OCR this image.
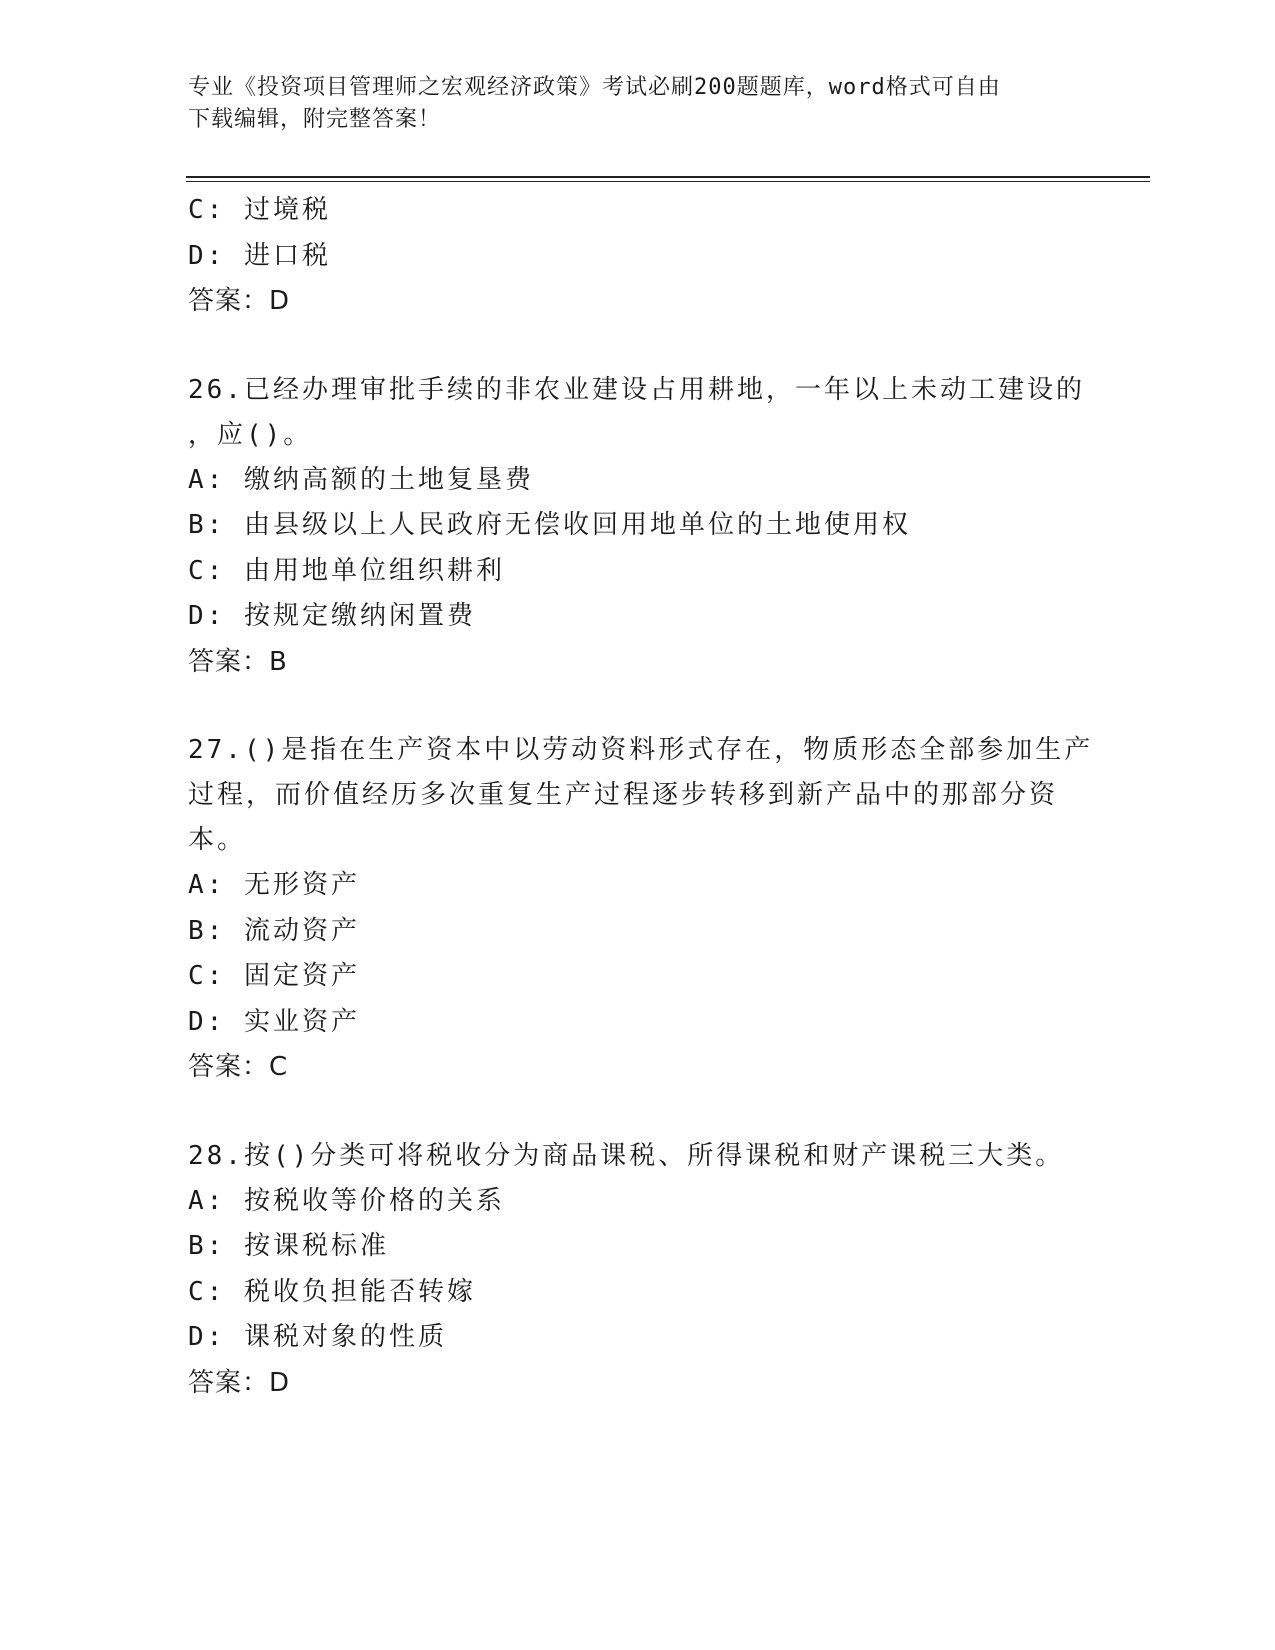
专业《投资项目管理师之宏观经济政策》考试必刷200题题库，word格式可自由
下载编辑，附完整答案！
C: 过境税
D: 进口税
答案：D
26.已经办理审批手续的非农业建设占用耕地，一年以上未动工建设的
，应()。
A: 缴纳高额的土地复垦费
B: 由县级以上人民政府无偿收回用地单位的土地使用权
C: 由用地单位组织耕利
D: 按规定缴纳闲置费
答案：B
27.()是指在生产资本中以劳动资料形式存在，物质形态全部参加生产
过程，而价值经历多次重复生产过程逐步转移到新产品中的那部分资
本。
A: 无形资产
B: 流动资产
C: 固定资产
D: 实业资产
答案：C
28.按()分类可将税收分为商品课税、所得课税和财产课税三大类。
A: 按税收等价格的关系
B: 按课税标准
C: 税收负担能否转嫁
D: 课税对象的性质
答案：D
